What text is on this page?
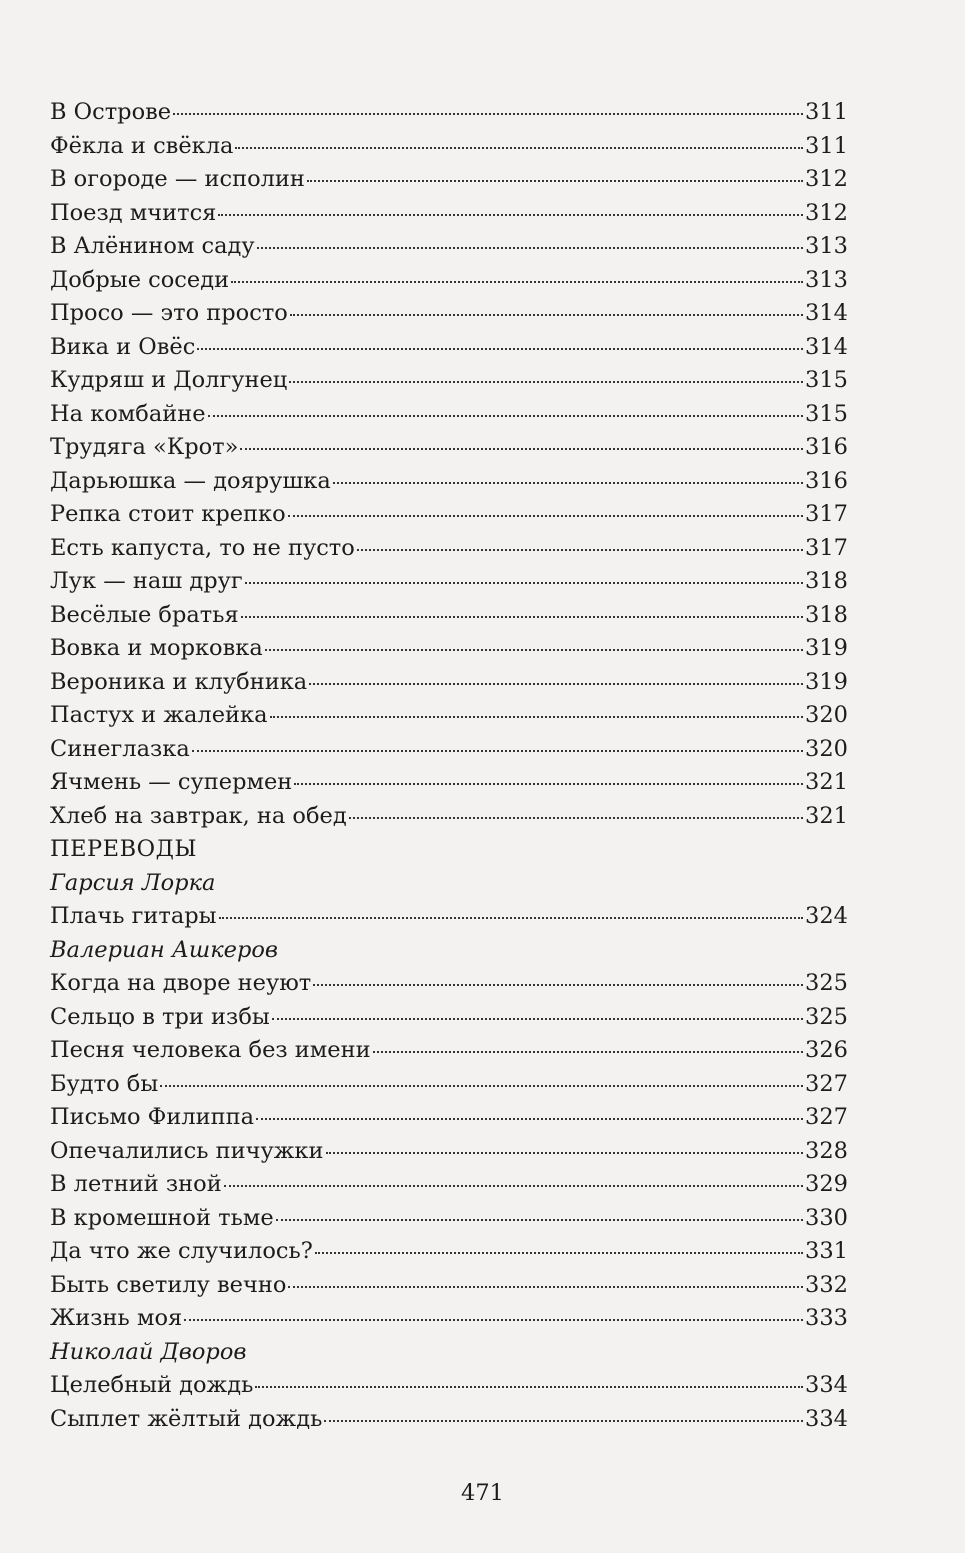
В Острове	311
Фёкла и свёкла	311
В огороде — исполин	312
Поезд мчится	312
В Алёнином саду	313
Добрые соседи	313
Просо — это просто	314
Вика и Овёс	314
Кудряш и Долгунец	315
На комбайне	315
Трудяга «Крот»	316
Дарьюшка — доярушка	316
Репка стоит крепко	317
Есть капуста, то не пусто	317
Лук — наш друг	318
Весёлые братья	318
Вовка и морковка	319
Вероника и клубника	319
Пастух и жалейка	320
Синеглазка	320
Ячмень — супермен	321
Хлеб на завтрак, на обед	321
ПЕРЕВОДЫ
Гарсия Лорка
Плачь гитары	324
Валериан Ашкеров
Когда на дворе неуют	325
Сельцо в три избы	325
Песня человека без имени	326
Будто бы	327
Письмо Филиппа	327
Опечалились пичужки	328
В летний зной	329
В кромешной тьме	330
Да что же случилось?	331
Быть светилу вечно	332
Жизнь моя	333
Николай Дворов
Целебный дождь	334
Сыплет жёлтый дождь	334
471
